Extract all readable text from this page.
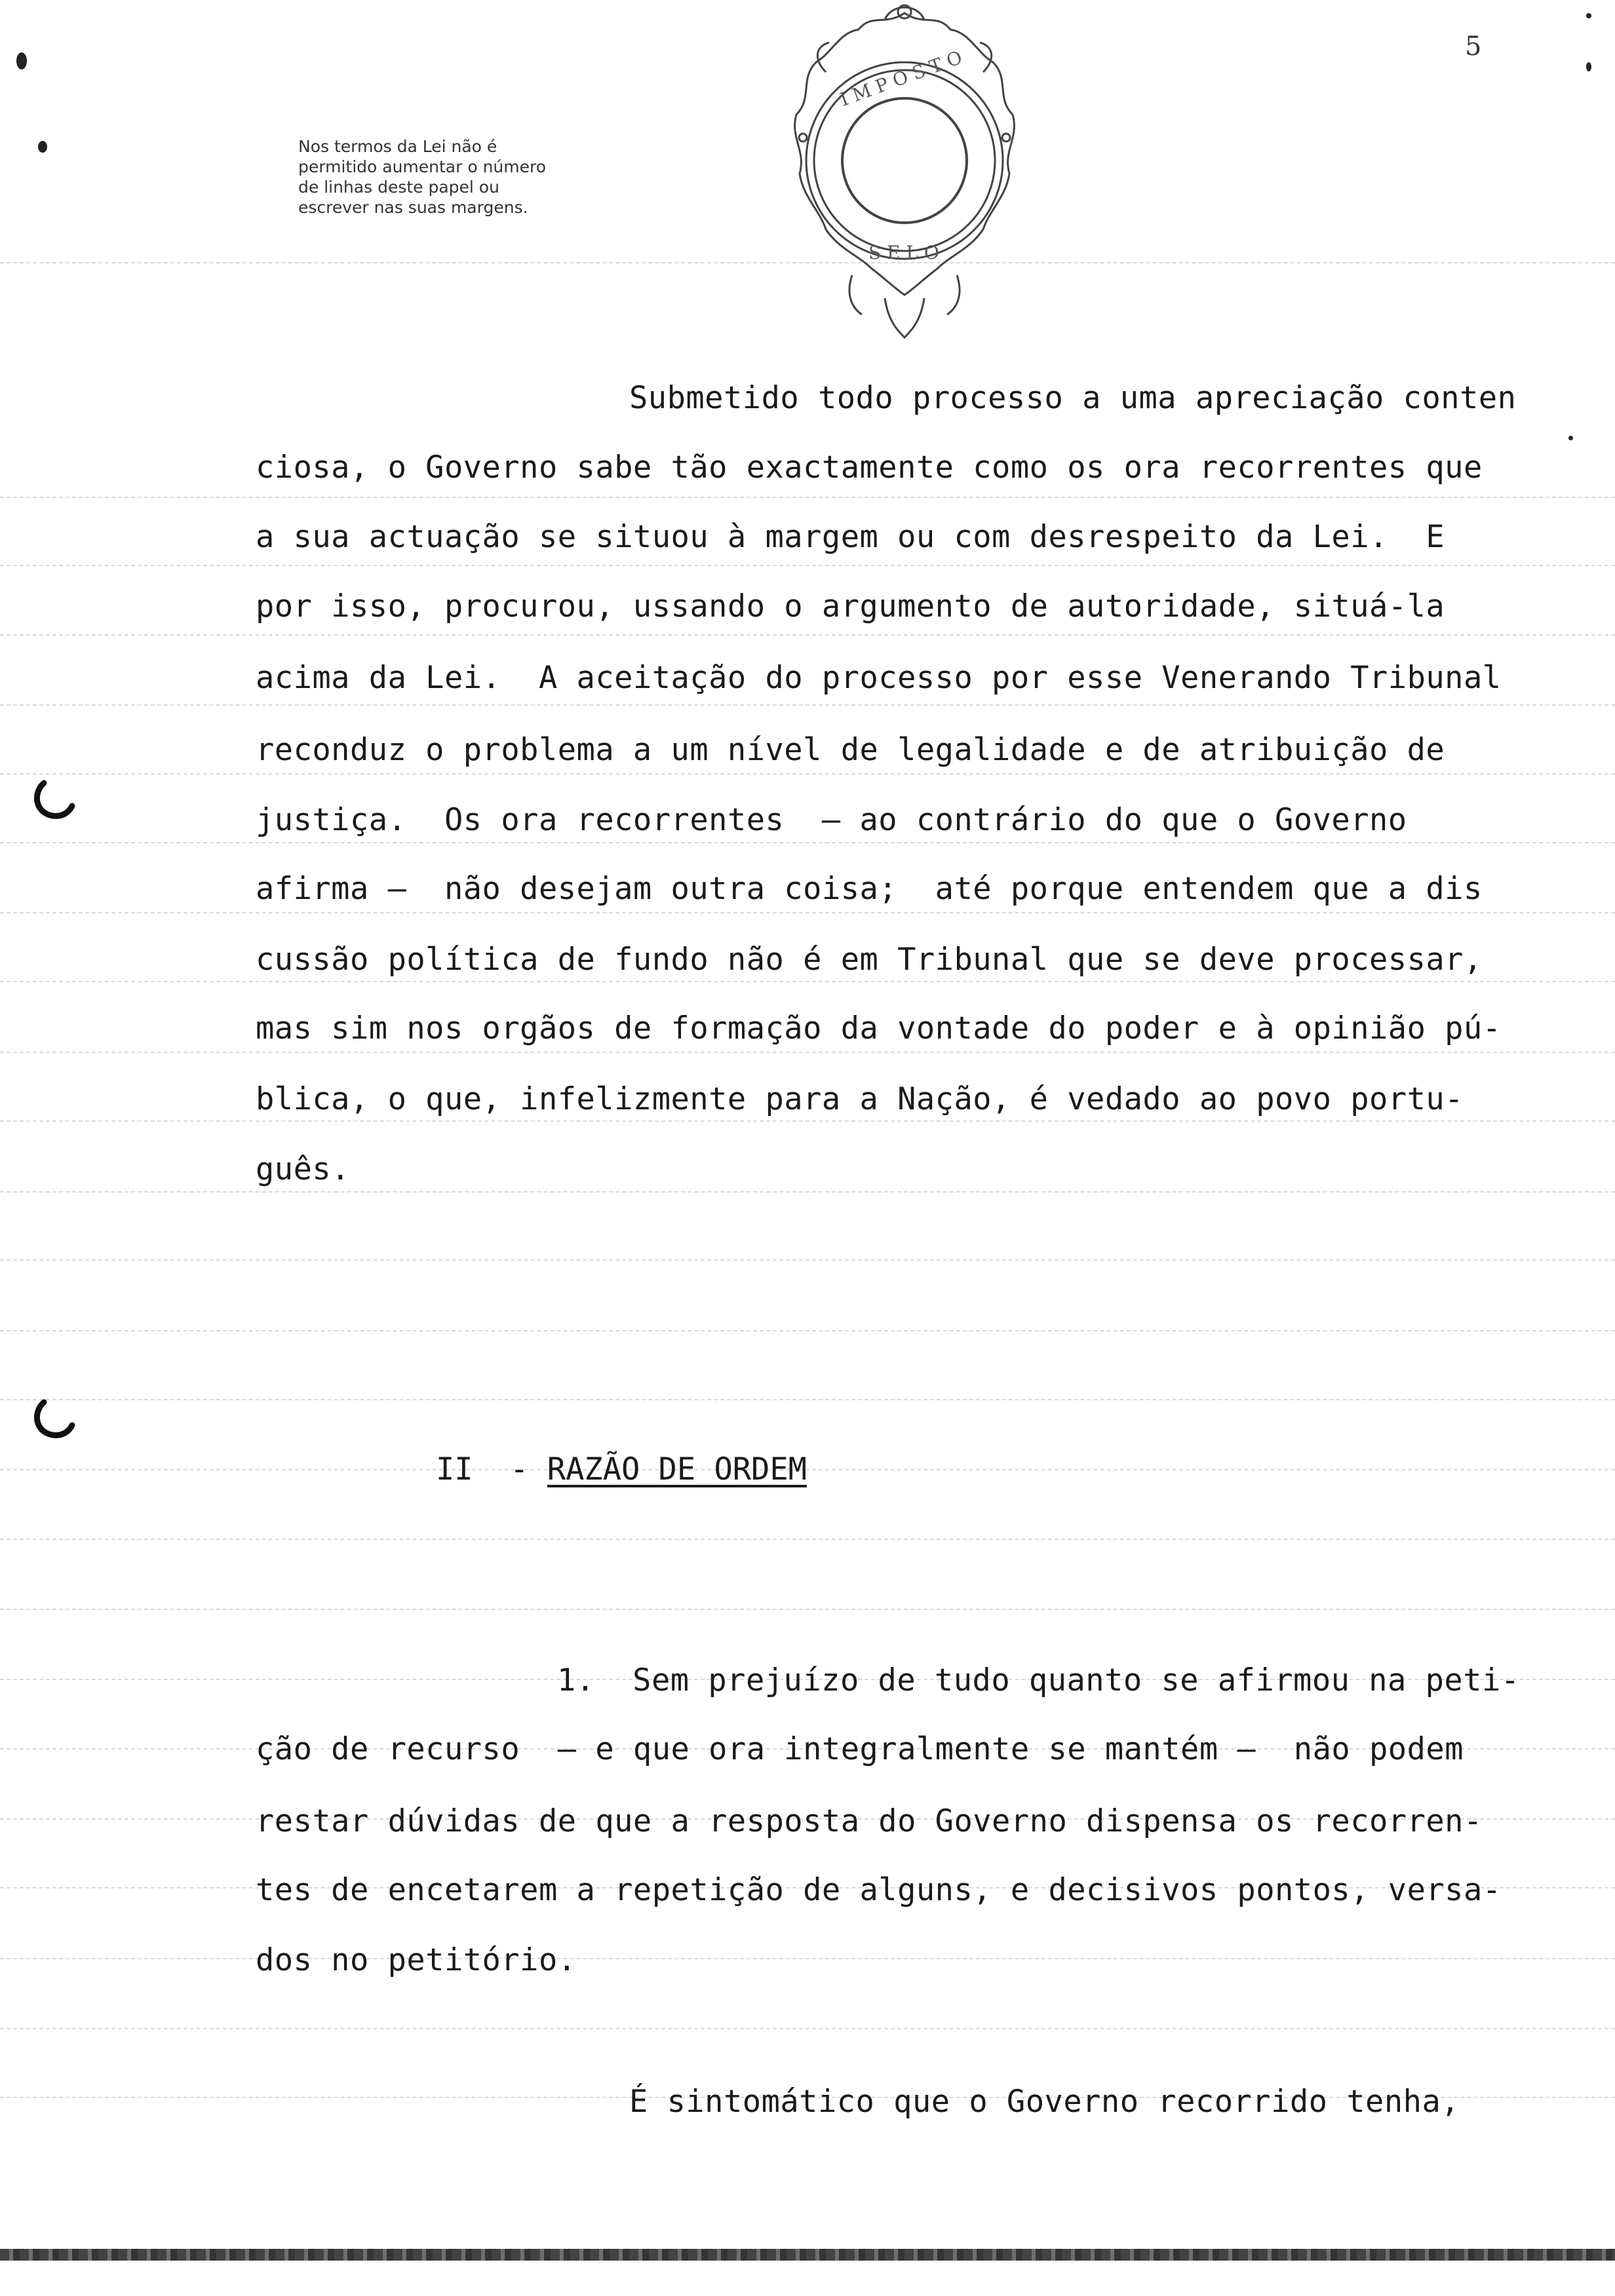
Nos termos da Lei não é permitido aumentar o número de linhas deste papel ou escrever nas suas margens.
5
I M P O S T O
S E L O
Submetido todo processo a uma apreciação conten
ciosa, o Governo sabe tão exactamente como os ora recorrentes que
a sua actuação se situou à margem ou com desrespeito da Lei.  E
por isso, procurou, ussando o argumento de autoridade, situá-la
acima da Lei.  A aceitação do processo por esse Venerando Tribunal
reconduz o problema a um nível de legalidade e de atribuição de
justiça.  Os ora recorrentes  — ao contrário do que o Governo
afirma —  não desejam outra coisa;  até porque entendem que a dis
cussão política de fundo não é em Tribunal que se deve processar,
mas sim nos orgãos de formação da vontade do poder e à opinião pú-
blica, o que, infelizmente para a Nação, é vedado ao povo portu-
guês.
II  - RAZÃO DE ORDEM
1.  Sem prejuízo de tudo quanto se afirmou na peti-
ção de recurso  — e que ora integralmente se mantém —  não podem
restar dúvidas de que a resposta do Governo dispensa os recorren-
tes de encetarem a repetição de alguns, e decisivos pontos, versa-
dos no petitório.
É sintomático que o Governo recorrido tenha,
